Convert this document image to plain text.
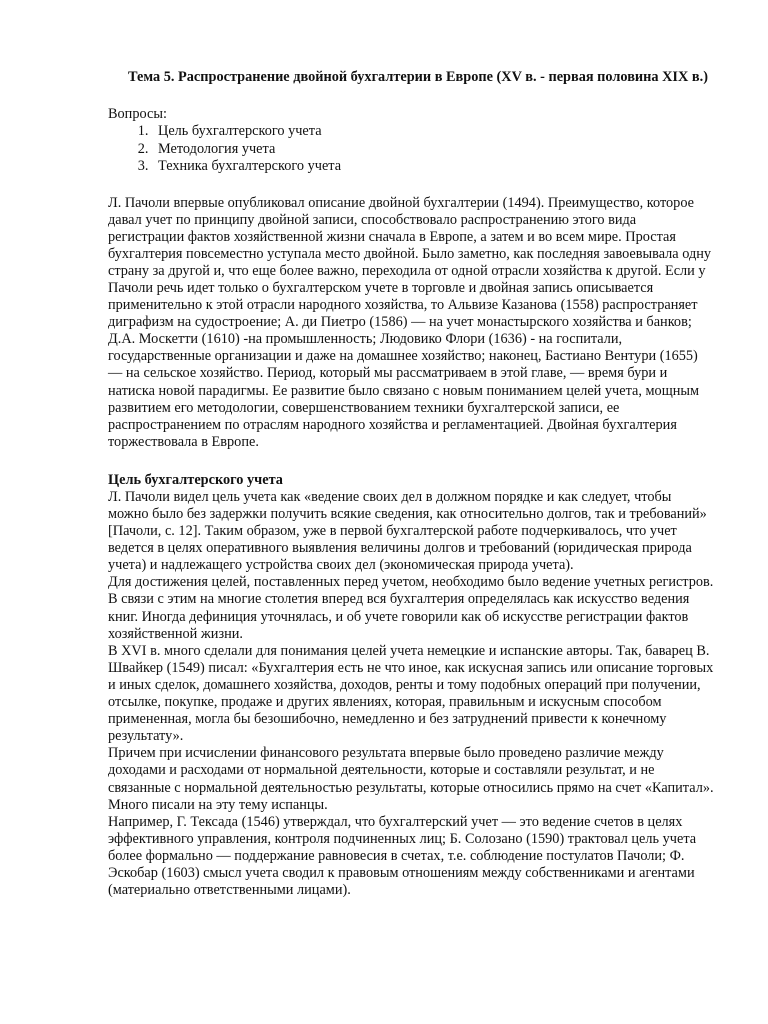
Тема 5. Распространение двойной бухгалтерии в Европе (XV в. - первая половина XIX в.)
Вопросы:
1. Цель бухгалтерского учета
2. Методология учета
3. Техника бухгалтерского учета

Л. Пачоли впервые опубликовал описание двойной бухгалтерии (1494). Преимущество, которое давал учет по принципу двойной записи, способствовало распространению этого вида регистрации фактов хозяйственной жизни сначала в Европе, а затем и во всем мире. Простая бухгалтерия повсеместно уступала место двойной. Было заметно, как последняя завоевывала одну страну за другой и, что еще более важно, переходила от одной отрасли хозяйства к другой. Если у Пачоли речь идет только о бухгалтерском учете в торговле и двойная запись описывается применительно к этой отрасли народного хозяйства, то Альвизе Казанова (1558) распространяет диграфизм на судостроение; А. ди Пиетро (1586) — на учет монастырского хозяйства и банков; Д.А. Москетти (1610) -на промышленность; Людовико Флори (1636) - на госпитали, государственные организации и даже на домашнее хозяйство; наконец, Бастиано Вентури (1655) — на сельское хозяйство. Период, который мы рассматриваем в этой главе, — время бури и натиска новой парадигмы. Ее развитие было связано с новым пониманием целей учета, мощным развитием его методологии, совершенствованием техники бухгалтерской записи, ее распространением по отраслям народного хозяйства и регламентацией. Двойная бухгалтерия торжествовала в Европе.

Цель бухгалтерского учета

Л. Пачоли видел цель учета как «ведение своих дел в должном порядке и как следует, чтобы можно было без задержки получить всякие сведения, как относительно долгов, так и требований» [Пачоли, с. 12]. Таким образом, уже в первой бухгалтерской работе подчеркивалось, что учет ведется в целях оперативного выявления величины долгов и требований (юридическая природа учета) и надлежащего устройства своих дел (экономическая природа учета).

Для достижения целей, поставленных перед учетом, необходимо было ведение учетных регистров. В связи с этим на многие столетия вперед вся бухгалтерия определялась как искусство ведения книг. Иногда дефиниция уточнялась, и об учете говорили как об искусстве регистрации фактов хозяйственной жизни.

В XVI в. много сделали для понимания целей учета немецкие и испанские авторы. Так, баварец В. Швайкер (1549) писал: «Бухгалтерия есть не что иное, как искусная запись или описание торговых и иных сделок, домашнего хозяйства, доходов, ренты и тому подобных операций при получении, отсылке, покупке, продаже и других явлениях, которая, правильным и искусным способом примененная, могла бы безошибочно, немедленно и без затруднений привести к конечному результату».

Причем при исчислении финансового результата впервые было проведено различие между доходами и расходами от нормальной деятельности, которые и составляли результат, и не связанные с нормальной деятельностью результаты, которые относились прямо на счет «Капитал». Много писали на эту тему испанцы.

Например, Г. Тексада (1546) утверждал, что бухгалтерский учет — это ведение счетов в целях эффективного управления, контроля подчиненных лиц; Б. Солозано (1590) трактовал цель учета более формально — поддержание равновесия в счетах, т.е. соблюдение постулатов Пачоли; Ф. Эскобар (1603) смысл учета сводил к правовым отношениям между собственниками и агентами (материально ответственными лицами).
